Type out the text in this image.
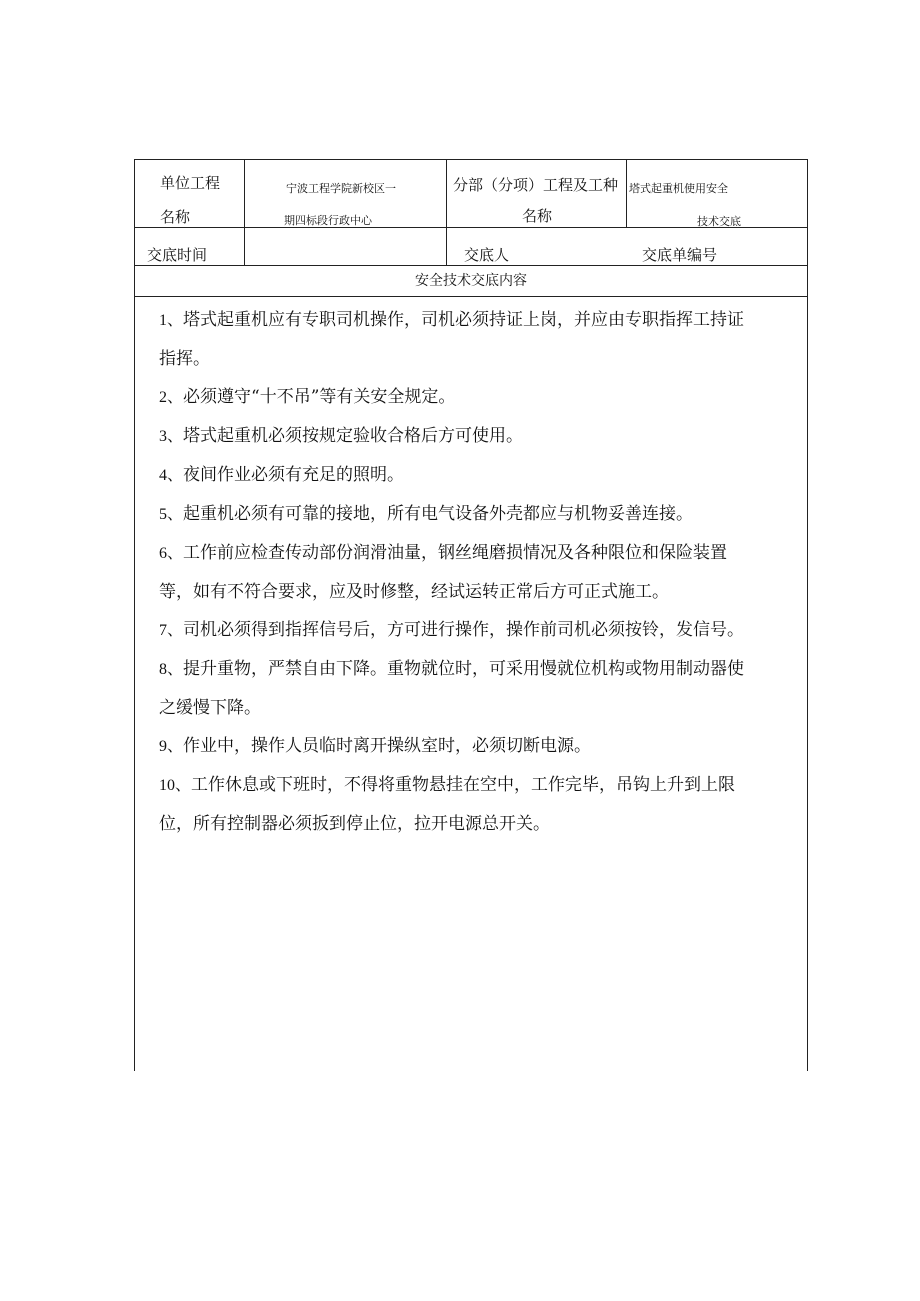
单位工程
名称
宁波工程学院新校区一
期四标段行政中心
分部（分项）工程及工种
名称
塔式起重机使用安全
技术交底
交底时间	交底人	交底单编号
安全技术交底内容
1、塔式起重机应有专职司机操作，司机必须持证上岗，并应由专职指挥工持证
指挥。
2、必须遵守“十不吊”等有关安全规定。
3、塔式起重机必须按规定验收合格后方可使用。
4、夜间作业必须有充足的照明。
5、起重机必须有可靠的接地，所有电气设备外壳都应与机物妥善连接。
6、工作前应检查传动部份润滑油量，钢丝绳磨损情况及各种限位和保险装置
等，如有不符合要求，应及时修整，经试运转正常后方可正式施工。
7、司机必须得到指挥信号后，方可进行操作，操作前司机必须按铃，发信号。
8、提升重物，严禁自由下降。重物就位时，可采用慢就位机构或物用制动器使
之缓慢下降。
9、作业中，操作人员临时离开操纵室时，必须切断电源。
10、工作休息或下班时，不得将重物悬挂在空中，工作完毕，吊钩上升到上限
位，所有控制器必须扳到停止位，拉开电源总开关。
